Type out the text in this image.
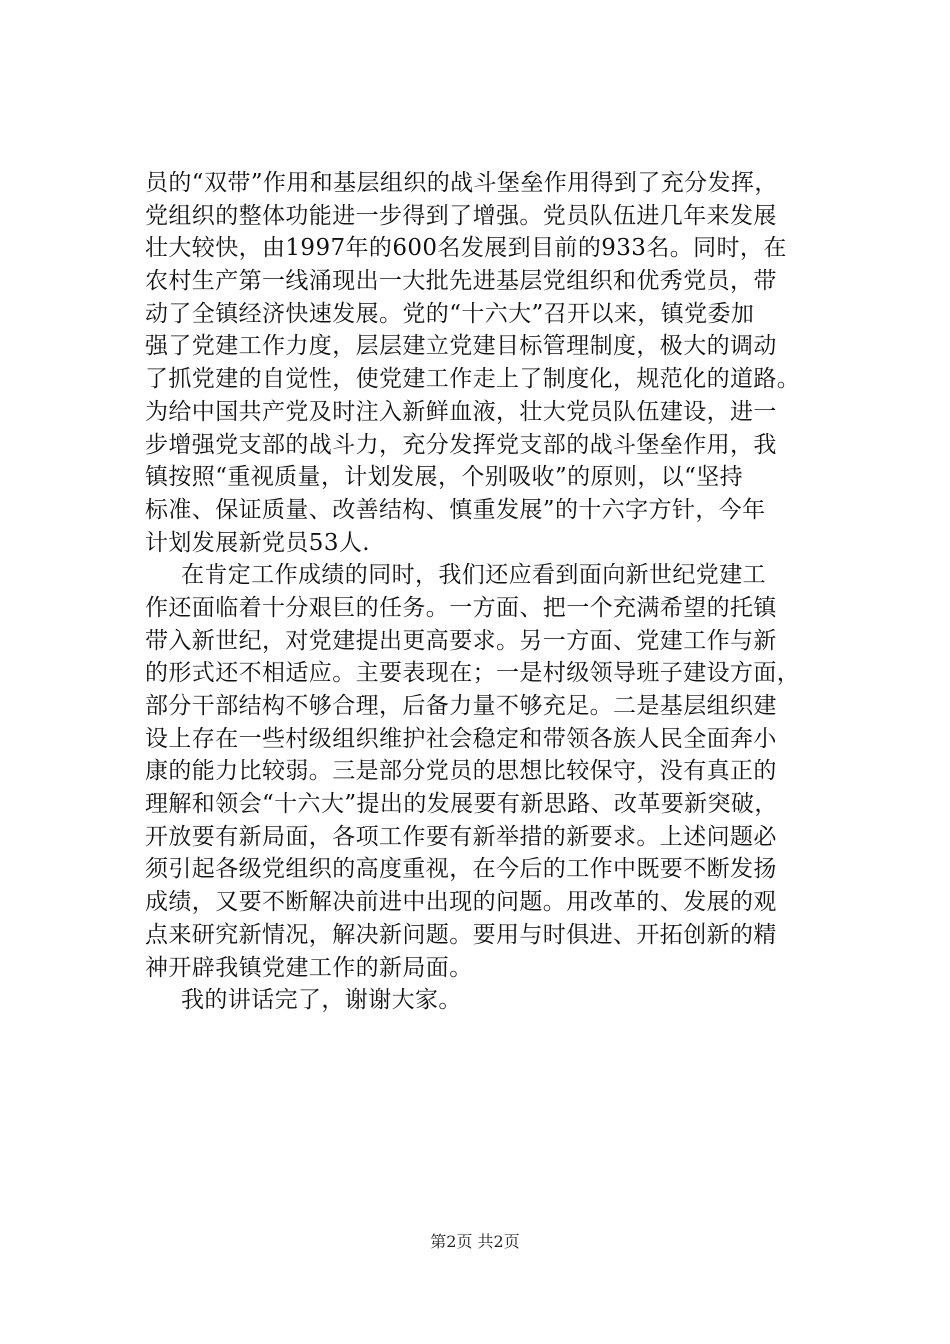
员的“双带”作用和基层组织的战斗堡垒作用得到了充分发挥，
党组织的整体功能进一步得到了增强。党员队伍进几年来发展
壮大较快，由1997年的600名发展到目前的933名。同时，在
农村生产第一线涌现出一大批先进基层党组织和优秀党员，带
动了全镇经济快速发展。党的“十六大”召开以来，镇党委加
强了党建工作力度，层层建立党建目标管理制度，极大的调动
了抓党建的自觉性，使党建工作走上了制度化，规范化的道路。
为给中国共产党及时注入新鲜血液，壮大党员队伍建设，进一
步增强党支部的战斗力，充分发挥党支部的战斗堡垒作用，我
镇按照“重视质量，计划发展，个别吸收”的原则，以“坚持
标准、保证质量、改善结构、慎重发展”的十六字方针，今年
计划发展新党员53人.
在肯定工作成绩的同时，我们还应看到面向新世纪党建工
作还面临着十分艰巨的任务。一方面、把一个充满希望的托镇
带入新世纪，对党建提出更高要求。另一方面、党建工作与新
的形式还不相适应。主要表现在；一是村级领导班子建设方面，
部分干部结构不够合理，后备力量不够充足。二是基层组织建
设上存在一些村级组织维护社会稳定和带领各族人民全面奔小
康的能力比较弱。三是部分党员的思想比较保守，没有真正的
理解和领会“十六大”提出的发展要有新思路、改革要新突破，
开放要有新局面，各项工作要有新举措的新要求。上述问题必
须引起各级党组织的高度重视，在今后的工作中既要不断发扬
成绩，又要不断解决前进中出现的问题。用改革的、发展的观
点来研究新情况，解决新问题。要用与时俱进、开拓创新的精
神开辟我镇党建工作的新局面。
我的讲话完了，谢谢大家。
第2页 共2页
